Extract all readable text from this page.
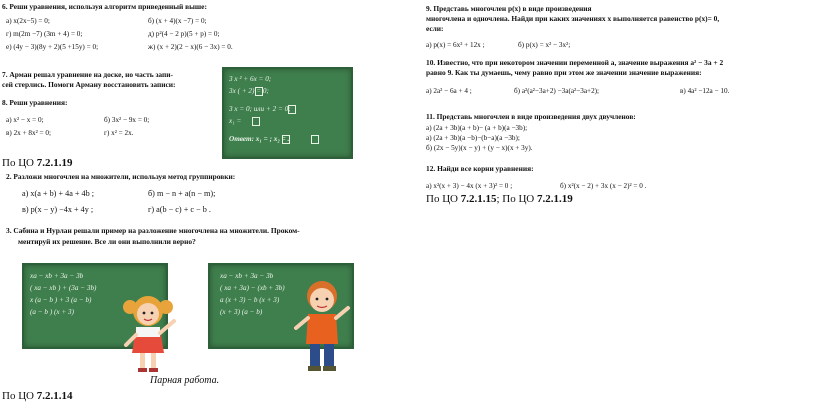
6. Реши уравнения, используя алгоритм приведенный выше:
а) x(2x−5) = 0;	б) (x + 4)(x −7) = 0;
г) m(2m −7) (3m + 4) = 0;	д) p²(4 − 2 p)(5 + p) = 0;
е) (4y − 3)(8y + 2)(5 +15y) = 0;	ж) (x + 2)(2 − x)(6 − 3x) = 0.
7. Арман решал уравнение на доске, но часть запи-
сей стерлись. Помоги Арману восстановить записи:
3 x ² + 6x = 0;
3x ( + 2) = 0;
3 x = 0; или + 2 = 0;
x₁ =
Ответ: x₁ = ; x₂ = .
8. Реши уравнения:
а) x² − x = 0;	б) 3x² − 9x = 0;
в) 2x + 8x² = 0;	г) x² = 2x.
По ЦО 7.2.1.19
2. Разложи многочлен на множители, используя метод группировки:
а) x(a + b) + 4a + 4b ;	б) m − n + a(n − m);
в) p(x − y) −4x + 4y ;	г) a(b − c) + c − b .
3. Сабина и Нурлан решали пример на разложение многочлена на множители. Проком-
ментируй их решение. Все ли они выполнили верно?
xa − xb + 3a − 3b
( xa − xb ) + (3a − 3b)
x (a − b ) + 3 (a − b)
(a − b ) (x + 3)
xa − xb + 3a − 3b
( xa + 3a) − (xb + 3b)
a (x + 3) − b (x + 3)
(x + 3) (a − b)
Парная работа.
По ЦО 7.2.1.14
9. Представь многочлен p(x) в виде произведения
многочлена и одночлена. Найди при каких значениях x выполняется равенство p(x)= 0,
если:
а) p(x) = 6x² + 12x ;	б) p(x) = x² − 3x²;
10. Известно, что при некотором значении переменной a, значение выражения a² − 3a + 2
равно 9. Как ты думаешь, чему равно при этом же значении значение выражения:
а) 2a² − 6a + 4 ;	б) a²(a²−3a+2) −3a(a²−3a+2);	в) 4a² −12a − 10.
11. Представь многочлен в виде произведения двух двучленов:
а) (2a + 3b)(a + b)− (a + b)(a −3b);
а) (2a + 3b)(a −b)−(b−a)(a −3b);
б) (2x − 5y)(x − y) + (y − x)(x + 3y).
12. Найди все корни уравнения:
а) x²(x + 3) − 4x (x + 3)² = 0 ;	б) x²(x − 2) + 3x (x − 2)² = 0 .
По ЦО 7.2.1.15; По ЦО 7.2.1.19
